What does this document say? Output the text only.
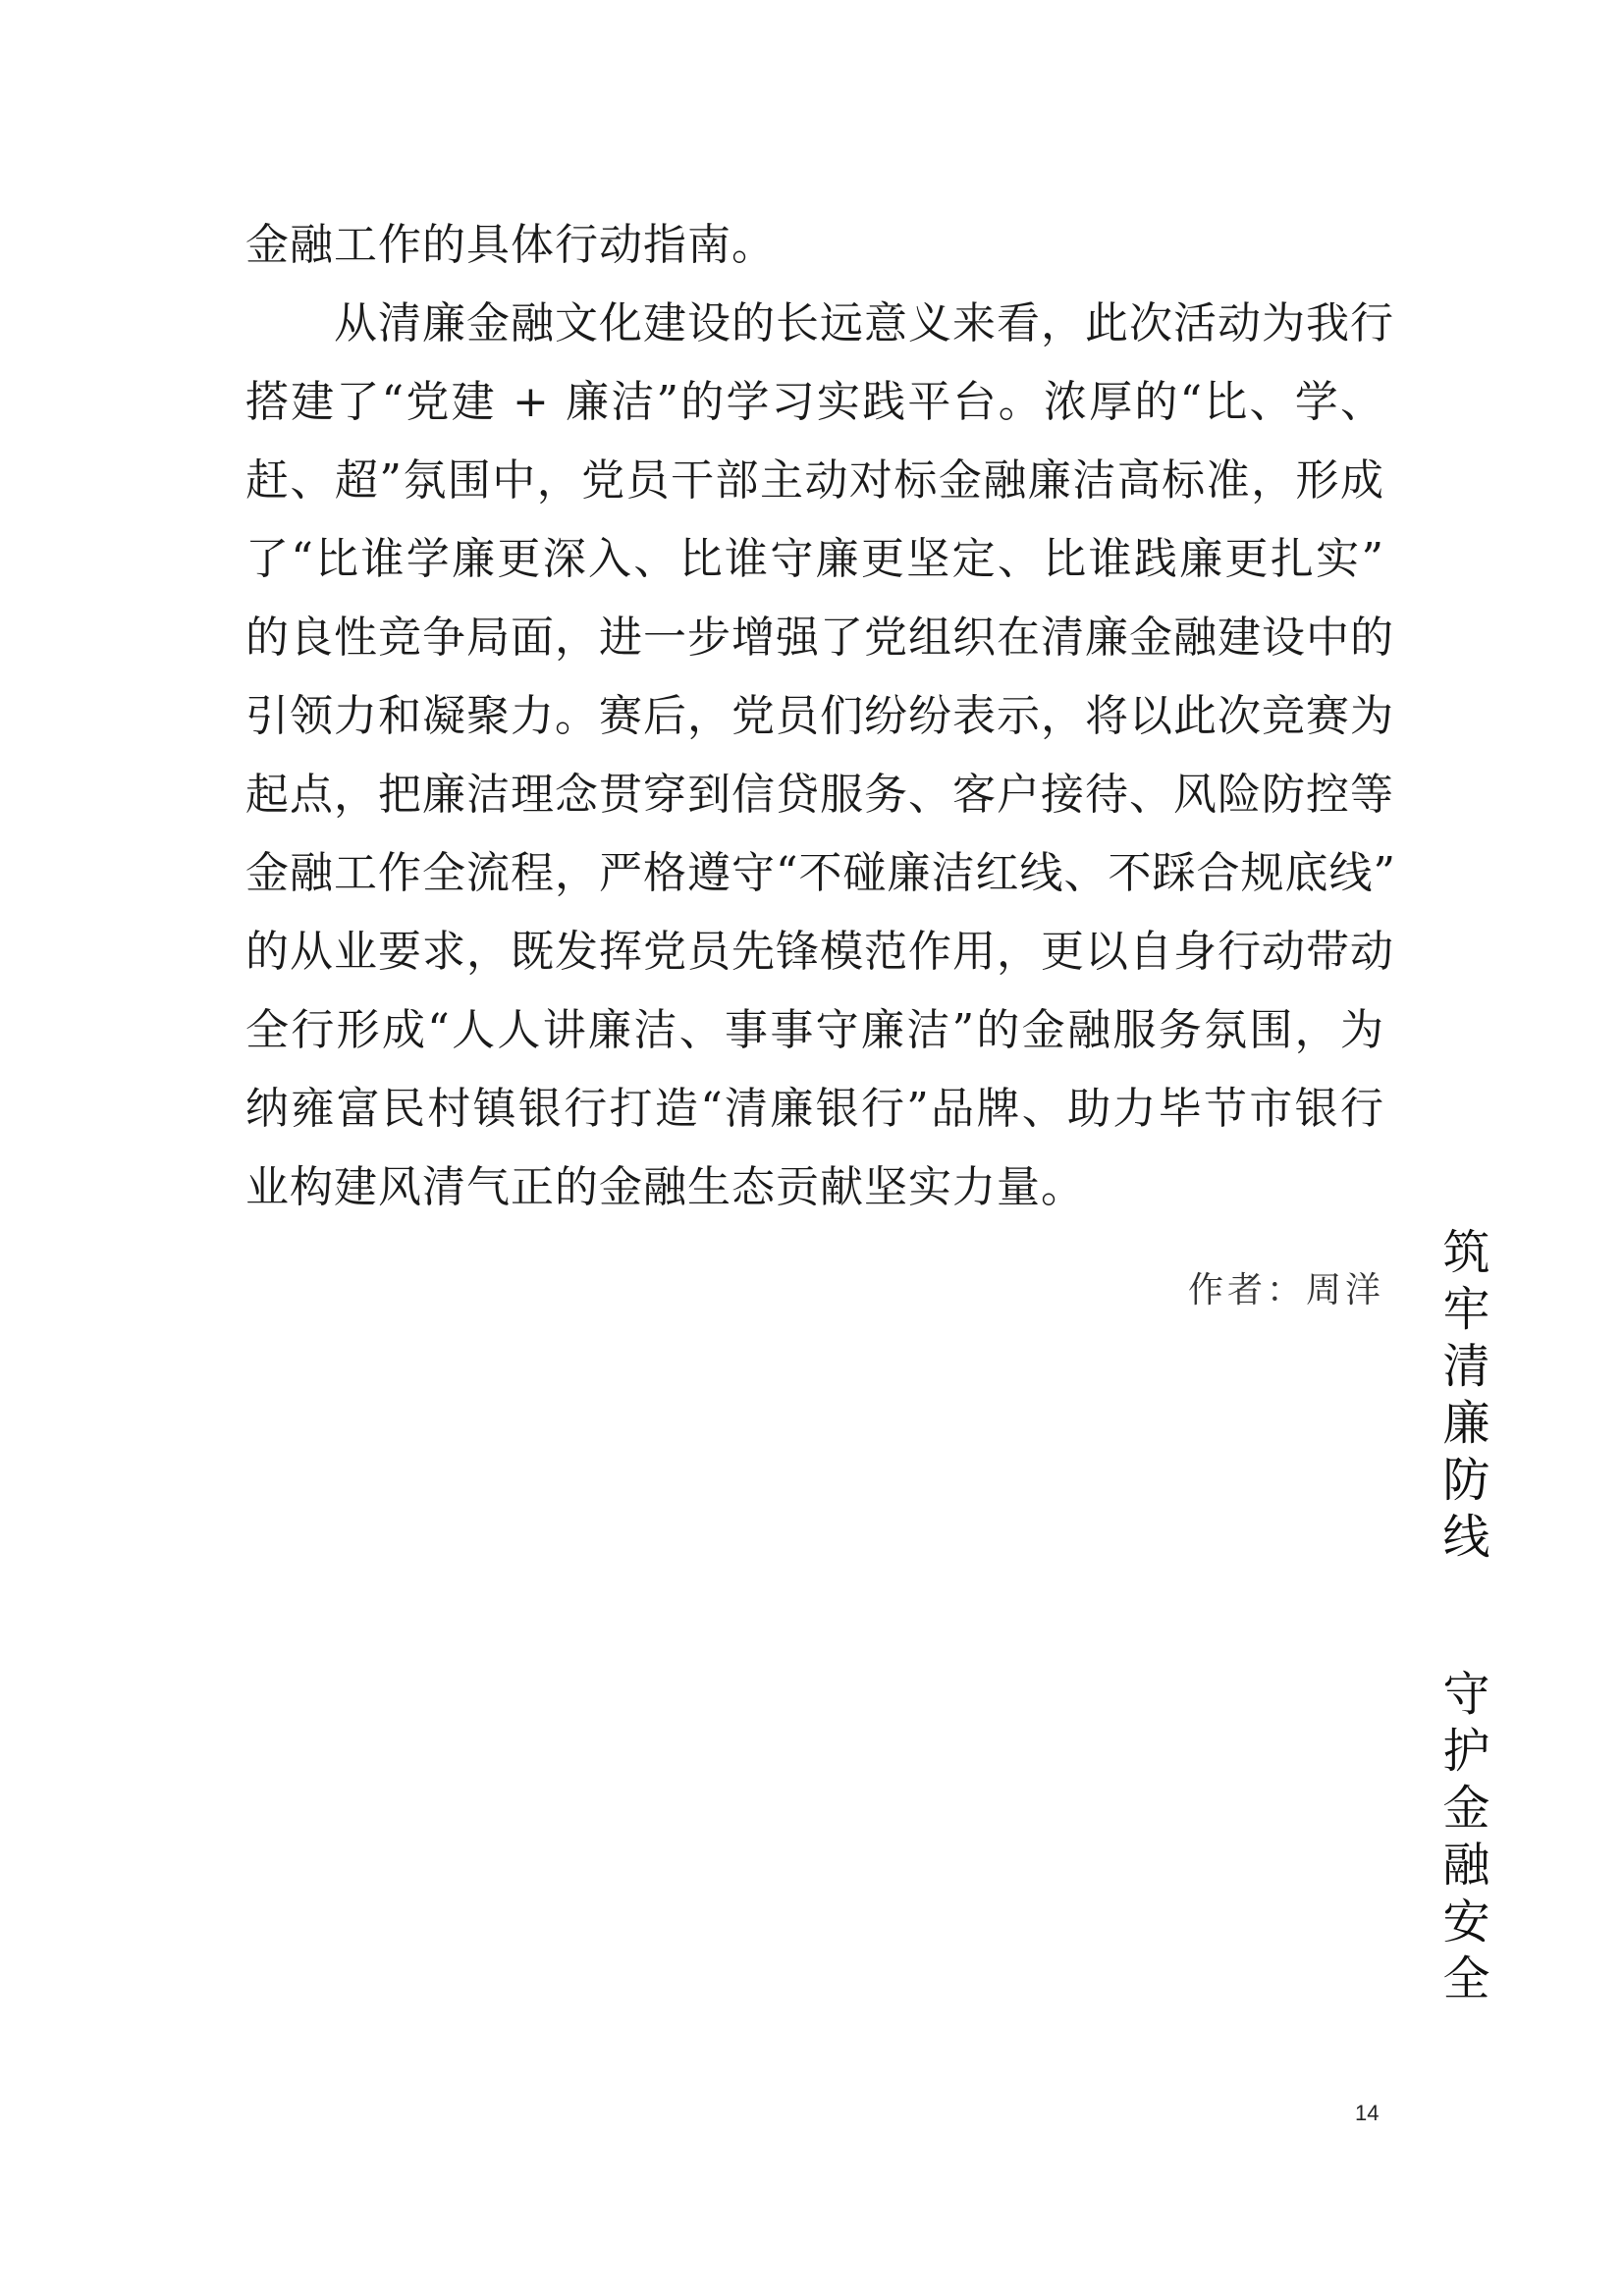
金融工作的具体行动指南。
从清廉金融文化建设的长远意义来看，此次活动为我行
搭建了“党建 + 廉洁”的学习实践平台。浓厚的“比、学、
赶、超”氛围中，党员干部主动对标金融廉洁高标准，形成
了“比谁学廉更深入、比谁守廉更坚定、比谁践廉更扎实”
的良性竞争局面，进一步增强了党组织在清廉金融建设中的
引领力和凝聚力。赛后，党员们纷纷表示，将以此次竞赛为
起点，把廉洁理念贯穿到信贷服务、客户接待、风险防控等
金融工作全流程，严格遵守“不碰廉洁红线、不踩合规底线”
的从业要求，既发挥党员先锋模范作用，更以自身行动带动
全行形成“人人讲廉洁、事事守廉洁”的金融服务氛围，为
纳雍富民村镇银行打造“清廉银行”品牌、助力毕节市银行
业构建风清气正的金融生态贡献坚实力量。
作者：周洋 筑牢清廉防线
守护金融安全
14
